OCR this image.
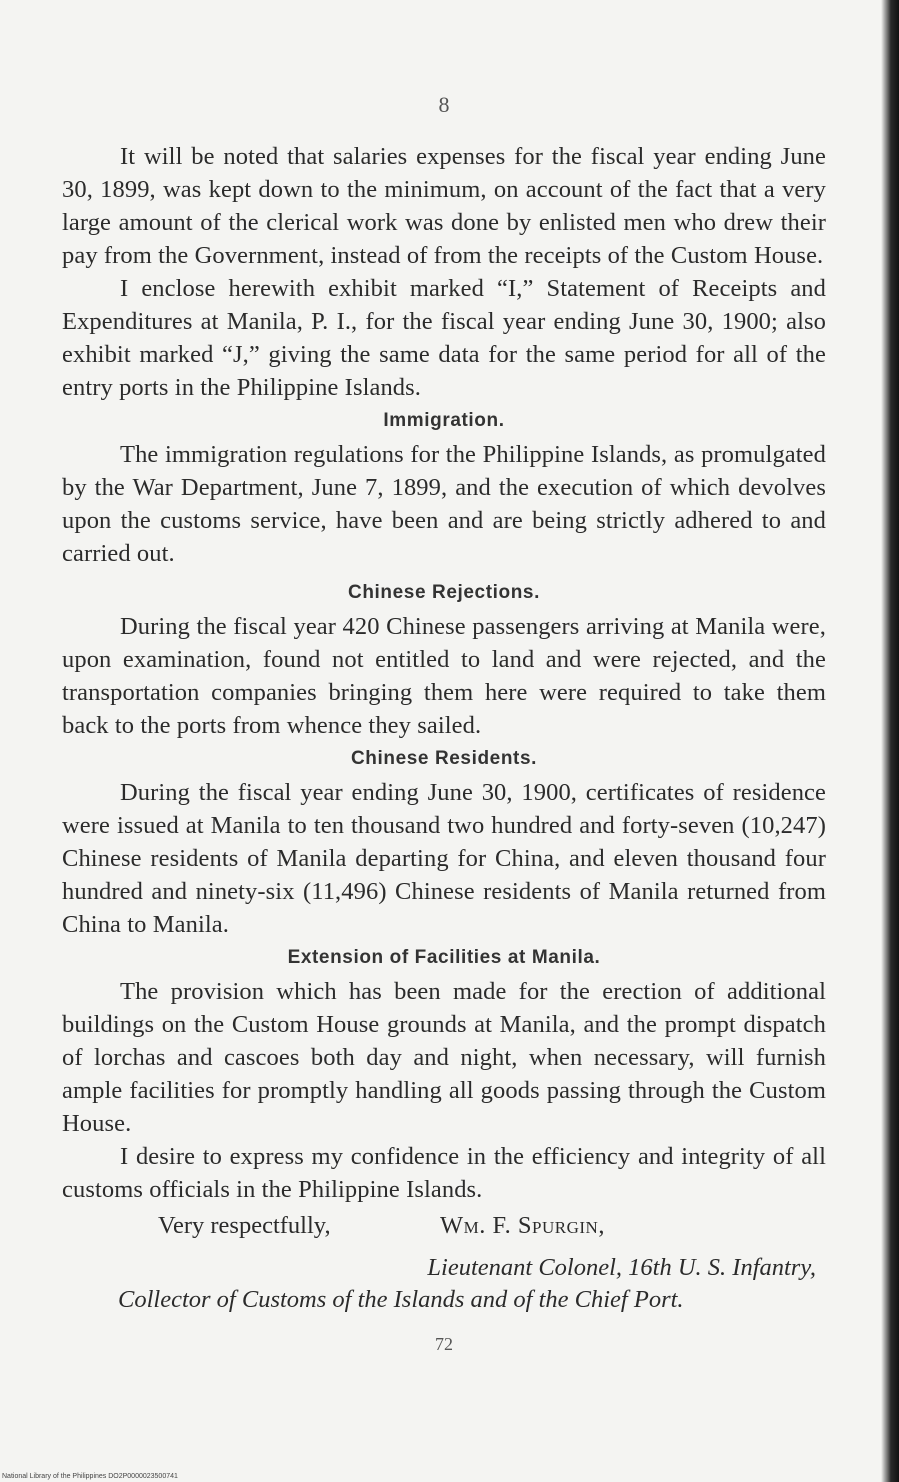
8

It will be noted that salaries expenses for the fiscal year ending June 30, 1899, was kept down to the minimum, on account of the fact that a very large amount of the clerical work was done by enlisted men who drew their pay from the Government, instead of from the receipts of the Custom House.

I enclose herewith exhibit marked “I,” Statement of Receipts and Expenditures at Manila, P. I., for the fiscal year ending June 30, 1900; also exhibit marked “J,” giving the same data for the same period for all of the entry ports in the Philippine Islands.

Immigration.

The immigration regulations for the Philippine Islands, as promulgated by the War Department, June 7, 1899, and the execution of which devolves upon the customs service, have been and are being strictly adhered to and carried out.

Chinese Rejections.

During the fiscal year 420 Chinese passengers arriving at Manila were, upon examination, found not entitled to land and were rejected, and the transportation companies bringing them here were required to take them back to the ports from whence they sailed.

Chinese Residents.

During the fiscal year ending June 30, 1900, certificates of residence were issued at Manila to ten thousand two hundred and forty-seven (10,247) Chinese residents of Manila departing for China, and eleven thousand four hundred and ninety-six (11,496) Chinese residents of Manila returned from China to Manila.

Extension of Facilities at Manila.

The provision which has been made for the erection of additional buildings on the Custom House grounds at Manila, and the prompt dispatch of lorchas and cascoes both day and night, when necessary, will furnish ample facilities for promptly handling all goods passing through the Custom House.

I desire to express my confidence in the efficiency and integrity of all customs officials in the Philippine Islands.

Very respectfully,	Wm. F. Spurgin,
Lieutenant Colonel, 16th U. S. Infantry,
Collector of Customs of the Islands and of the Chief Port.
72
National Library of the Philippines DO2P0000023500741
